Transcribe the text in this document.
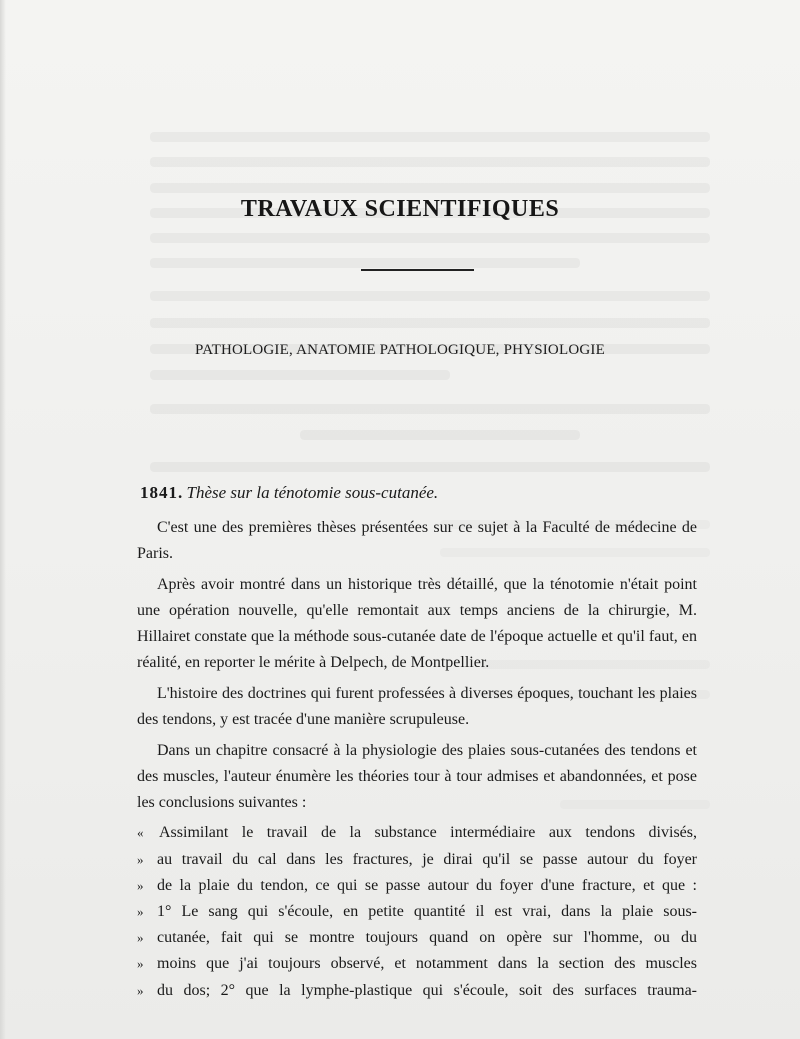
TRAVAUX SCIENTIFIQUES
PATHOLOGIE, ANATOMIE PATHOLOGIQUE, PHYSIOLOGIE
1841. Thèse sur la ténotomie sous-cutanée.

C'est une des premières thèses présentées sur ce sujet à la Faculté de médecine de Paris.

Après avoir montré dans un historique très détaillé, que la ténotomie n'était point une opération nouvelle, qu'elle remontait aux temps anciens de la chirurgie, M. Hillairet constate que la méthode sous-cutanée date de l'époque actuelle et qu'il faut, en réalité, en reporter le mérite à Delpech, de Montpellier.

L'histoire des doctrines qui furent professées à diverses époques, touchant les plaies des tendons, y est tracée d'une manière scrupuleuse.

Dans un chapitre consacré à la physiologie des plaies sous-cutanées des tendons et des muscles, l'auteur énumère les théories tour à tour admises et abandonnées, et pose les conclusions suivantes :

« Assimilant le travail de la substance intermédiaire aux tendons divisés,
» au travail du cal dans les fractures, je dirai qu'il se passe autour du foyer
» de la plaie du tendon, ce qui se passe autour du foyer d'une fracture, et que :
» 1° Le sang qui s'écoule, en petite quantité il est vrai, dans la plaie sous-
» cutanée, fait qui se montre toujours quand on opère sur l'homme, ou du
» moins que j'ai toujours observé, et notamment dans la section des muscles
» du dos; 2° que la lymphe-plastique qui s'écoule, soit des surfaces trauma-
